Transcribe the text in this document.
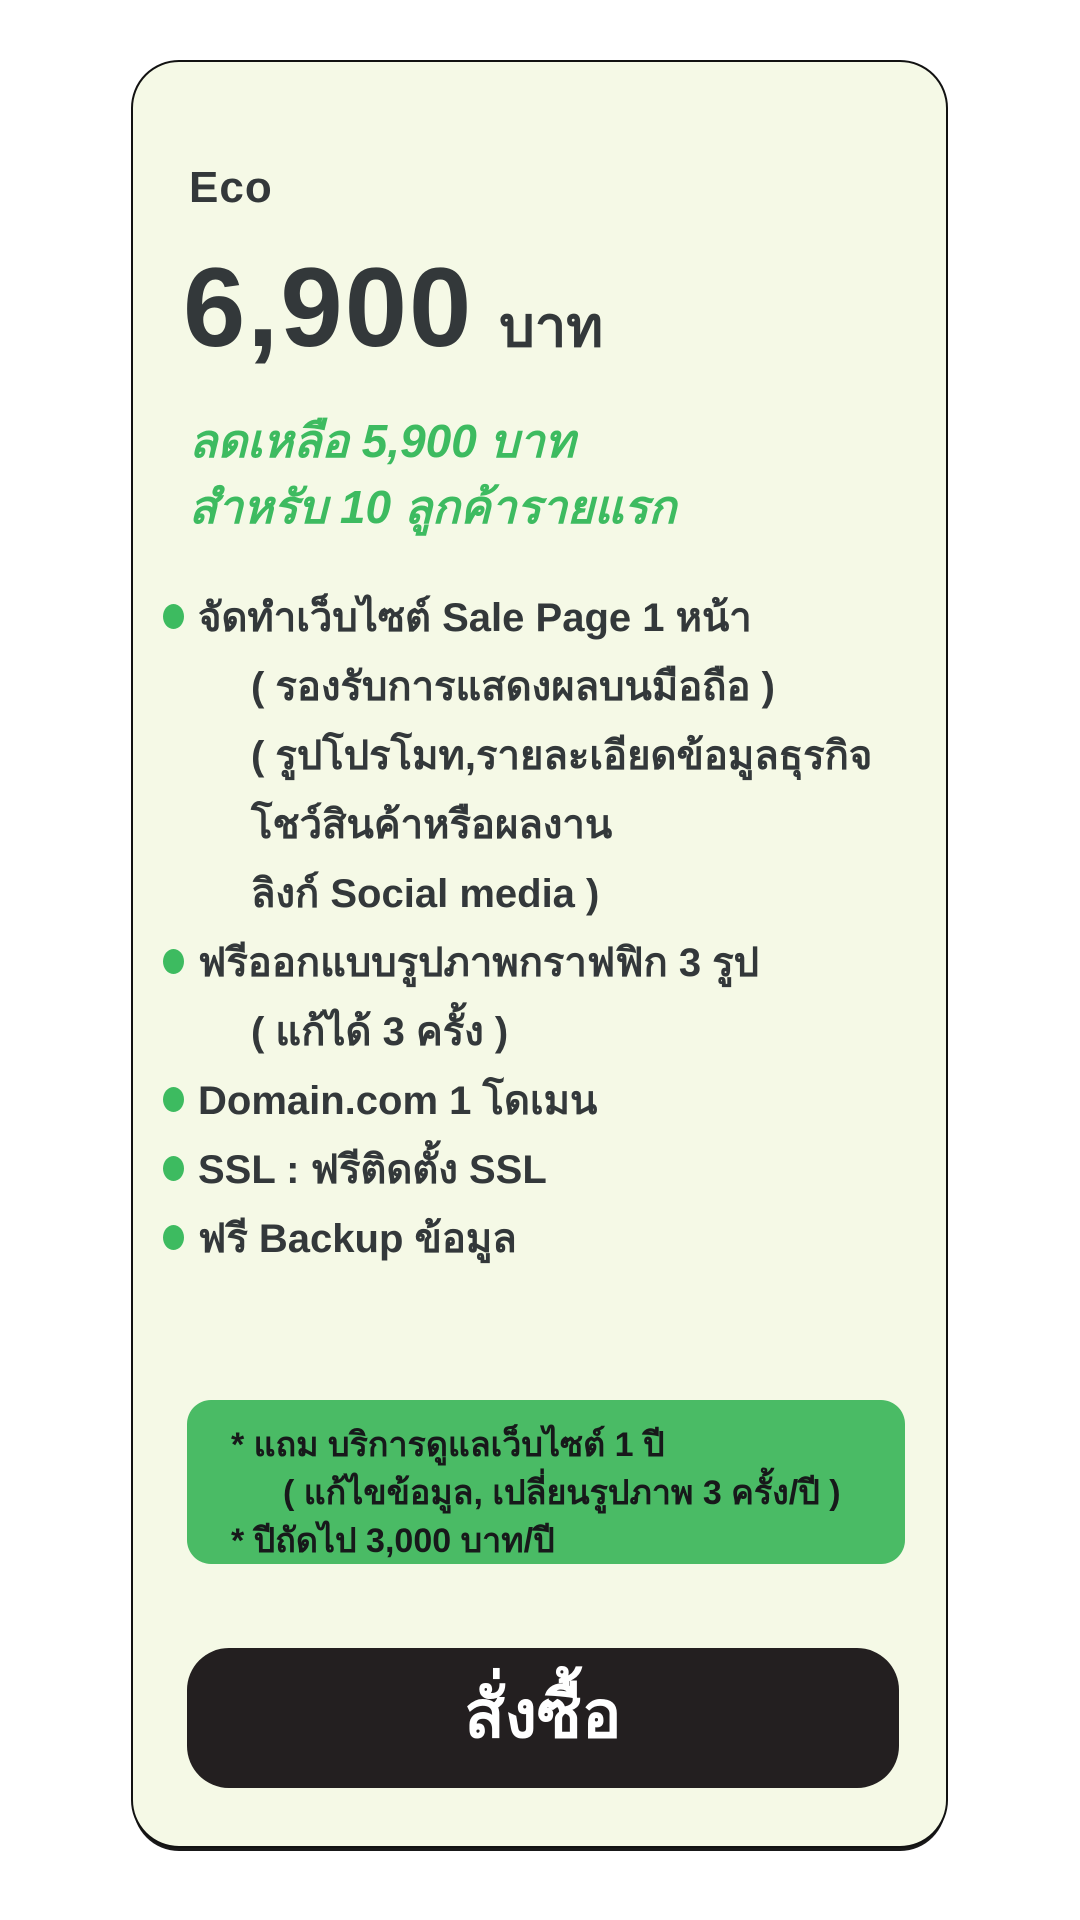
Eco
6,900 บาท
ลดเหลือ 5,900 บาท
สำหรับ 10 ลูกค้ารายแรก
จัดทำเว็บไซต์ Sale Page 1 หน้า
( รองรับการแสดงผลบนมือถือ )
( รูปโปรโมท,รายละเอียดข้อมูลธุรกิจ
โชว์สินค้าหรือผลงาน
ลิงก์ Social media )
ฟรีออกแบบรูปภาพกราฟฟิก 3 รูป
( แก้ได้ 3 ครั้ง )
Domain.com 1 โดเมน
SSL : ฟรีติดตั้ง SSL
ฟรี Backup ข้อมูล
* แถม บริการดูแลเว็บไซต์ 1 ปี
( แก้ไขข้อมูล, เปลี่ยนรูปภาพ 3 ครั้ง/ปี )
* ปีถัดไป 3,000 บาท/ปี
สั่งซื้อ
